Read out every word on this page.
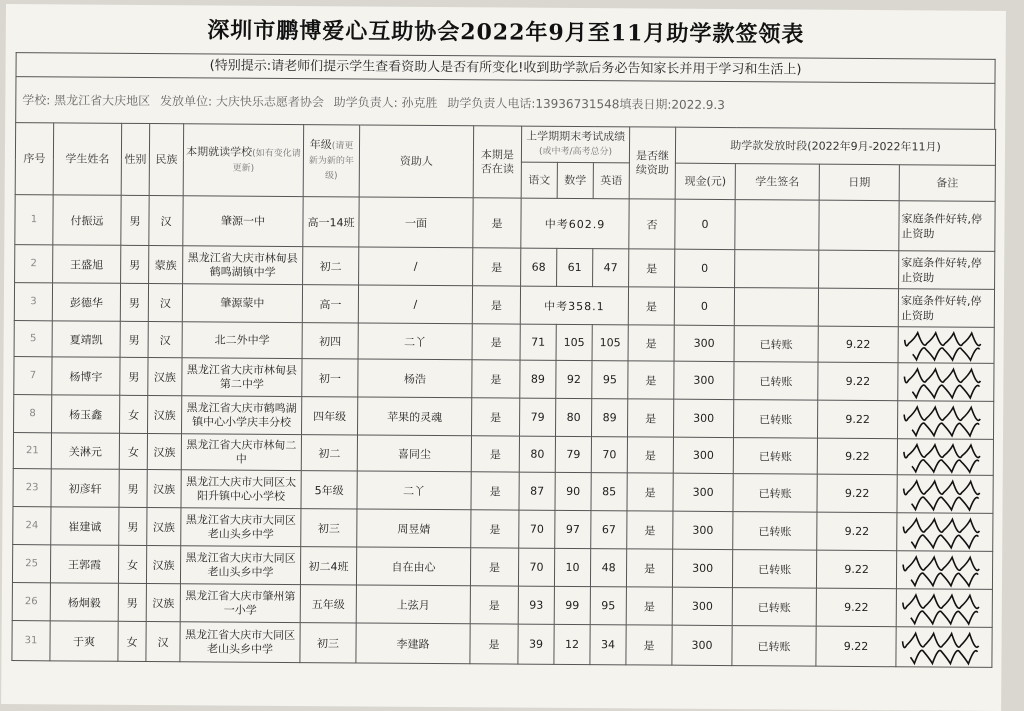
深圳市鹏博爱心互助协会2022年9月至11月助学款签领表
(特别提示:请老师们提示学生查看资助人是否有所变化!收到助学款后务必告知家长并用于学习和生活上)
学校: 黑龙江省大庆地区 发放单位: 大庆快乐志愿者协会 助学负责人: 孙克胜 助学负责人电话:13936731548填表日期:2022.9.3
序号	学生姓名	性别	民族	本期就读学校(如有变化请更新)	年级(请更新为新的年级)	资助人	本期是否在读	上学期期末考试成绩
(或中考/高考总分)			是否继续资助	助学款发放时段(2022年9月-2022年11月)			
								语文	数学	英语		现金(元)	学生签名	日期	备注
1	付振远	男	汉	肇源一中	高一14班	一面	是	中考602.9			否	0			家庭条件好转,停止资助
2	王盛旭	男	蒙族	黑龙江省大庆市林甸县鹤鸣湖镇中学	初二	/	是	68	61	47	是	0			家庭条件好转,停止资助
3	彭德华	男	汉	肇源蒙中	高一	/	是	中考358.1			是	0			家庭条件好转,停止资助
5	夏靖凯	男	汉	北二外中学	初四	二丫	是	71	105	105	是	300	已转账	9.22	

7	杨博宇	男	汉族	黑龙江省大庆市林甸县第二中学	初一	杨浩	是	89	92	95	是	300	已转账	9.22	

8	杨玉鑫	女	汉族	黑龙江省大庆市鹤鸣湖镇中心小学庆丰分校	四年级	苹果的灵魂	是	79	80	89	是	300	已转账	9.22	

21	关淋元	女	汉族	黑龙江省大庆市林甸二中	初二	喜同尘	是	80	79	70	是	300	已转账	9.22	

23	初彦轩	男	汉族	黑龙江大庆市大同区太阳升镇中心小学校	5年级	二丫	是	87	90	85	是	300	已转账	9.22	

24	崔建诚	男	汉族	黑龙江省大庆市大同区老山头乡中学	初三	周昱婧	是	70	97	67	是	300	已转账	9.22	

25	王郭霞	女	汉族	黑龙江省大庆市大同区老山头乡中学	初二4班	自在由心	是	70	10	48	是	300	已转账	9.22	

26	杨炯毅	男	汉族	黑龙江省大庆市肇州第一小学	五年级	上弦月	是	93	99	95	是	300	已转账	9.22	

31	于爽	女	汉	黑龙江省大庆市大同区老山头乡中学	初三	李建路	是	39	12	34	是	300	已转账	9.22	
